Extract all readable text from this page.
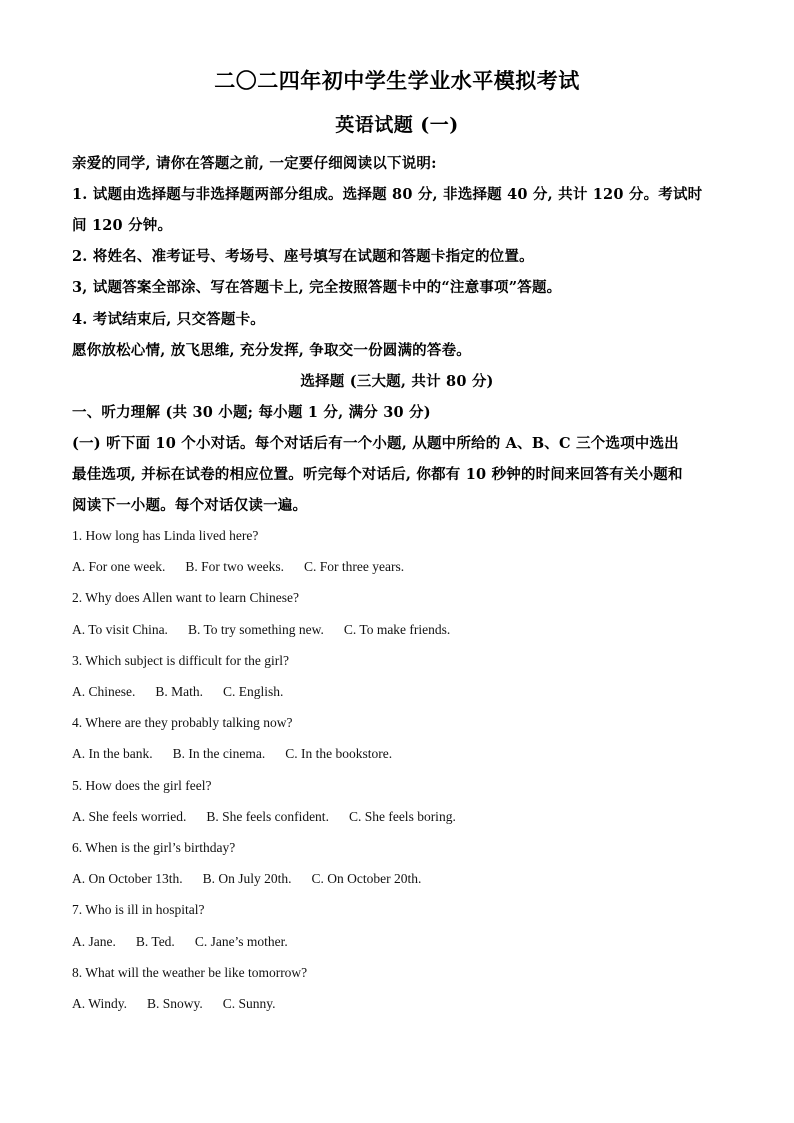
二〇二四年初中学生学业水平模拟考试
英语试题 (一)
亲爱的同学, 请你在答题之前, 一定要仔细阅读以下说明:
1. 试题由选择题与非选择题两部分组成。选择题 80 分, 非选择题 40 分, 共计 120 分。考试时
间 120 分钟。
2. 将姓名、准考证号、考场号、座号填写在试题和答题卡指定的位置。
3, 试题答案全部涂、写在答题卡上, 完全按照答题卡中的“注意事项”答题。
4. 考试结束后, 只交答题卡。
愿你放松心情, 放飞思维, 充分发挥, 争取交一份圆满的答卷。
选择题 (三大题, 共计 80 分)
一、听力理解 (共 30 小题; 每小题 1 分, 满分 30 分)
(一) 听下面 10 个小对话。每个对话后有一个小题, 从题中所给的 A、B、C 三个选项中选出
最佳选项, 并标在试卷的相应位置。听完每个对话后, 你都有 10 秒钟的时间来回答有关小题和
阅读下一小题。每个对话仅读一遍。
1. How long has Linda lived here?
A. For one week. B. For two weeks. C. For three years.
2. Why does Allen want to learn Chinese?
A. To visit China. B. To try something new. C. To make friends.
3. Which subject is difficult for the girl?
A. Chinese. B. Math. C. English.
4. Where are they probably talking now?
A. In the bank. B. In the cinema. C. In the bookstore.
5. How does the girl feel?
A. She feels worried. B. She feels confident. C. She feels boring.
6. When is the girl’s birthday?
A. On October 13th. B. On July 20th. C. On October 20th.
7. Who is ill in hospital?
A. Jane. B. Ted. C. Jane’s mother.
8. What will the weather be like tomorrow?
A. Windy. B. Snowy. C. Sunny.
